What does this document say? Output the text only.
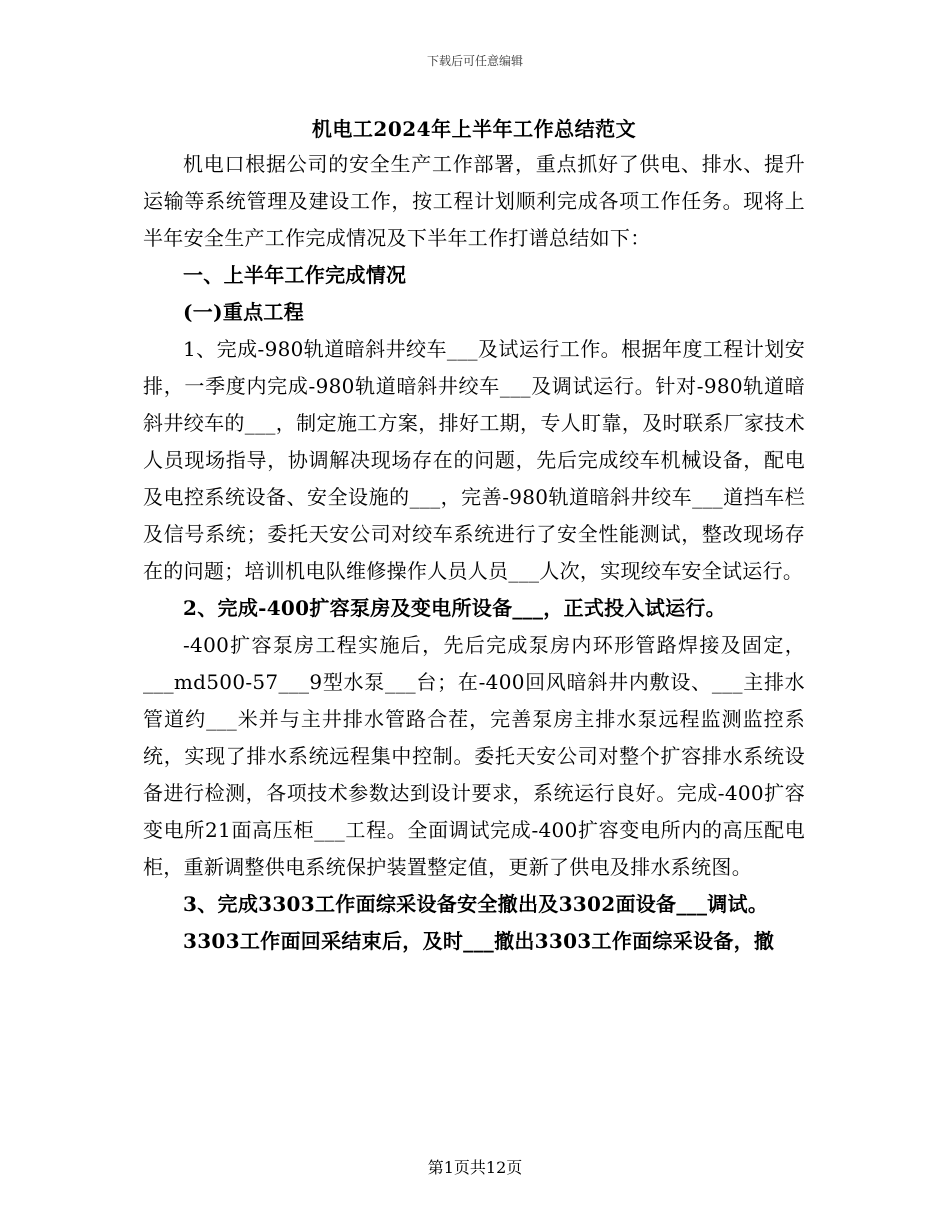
下载后可任意编辑

机电工2024年上半年工作总结范文

机电口根据公司的安全生产工作部署，重点抓好了供电、排水、提升运输等系统管理及建设工作，按工程计划顺利完成各项工作任务。现将上半年安全生产工作完成情况及下半年工作打谱总结如下：

一、上半年工作完成情况

(一)重点工程

1、完成-980轨道暗斜井绞车___及试运行工作。根据年度工程计划安排，一季度内完成-980轨道暗斜井绞车___及调试运行。针对-980轨道暗斜井绞车的___，制定施工方案，排好工期，专人盯靠，及时联系厂家技术人员现场指导，协调解决现场存在的问题，先后完成绞车机械设备，配电及电控系统设备、安全设施的___，完善-980轨道暗斜井绞车___道挡车栏及信号系统；委托天安公司对绞车系统进行了安全性能测试，整改现场存在的问题；培训机电队维修操作人员人员___人次，实现绞车安全试运行。

2、完成-400扩容泵房及变电所设备___，正式投入试运行。

-400扩容泵房工程实施后，先后完成泵房内环形管路焊接及固定，___md500-57___9型水泵___台；在-400回风暗斜井内敷设、___主排水管道约___米并与主井排水管路合茬，完善泵房主排水泵远程监测监控系统，实现了排水系统远程集中控制。委托天安公司对整个扩容排水系统设备进行检测，各项技术参数达到设计要求，系统运行良好。完成-400扩容变电所21面高压柜___工程。全面调试完成-400扩容变电所内的高压配电柜，重新调整供电系统保护装置整定值，更新了供电及排水系统图。

3、完成3303工作面综采设备安全撤出及3302面设备___调试。

3303工作面回采结束后，及时___撤出3303工作面综采设备，撤

第1页共12页
